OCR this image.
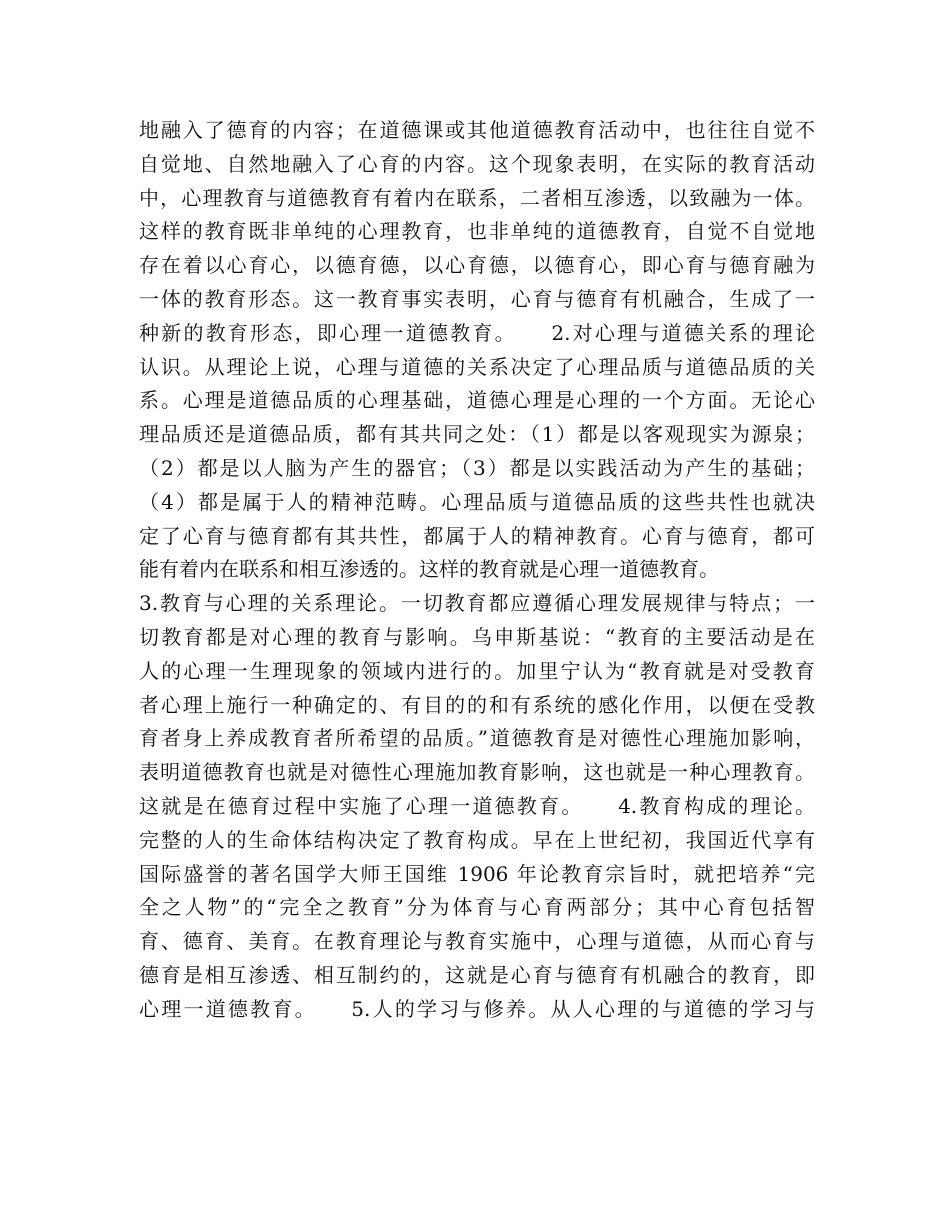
地融入了德育的内容；在道德课或其他道德教育活动中，也往往自觉不
自觉地、自然地融入了心育的内容。这个现象表明，在实际的教育活动
中，心理教育与道德教育有着内在联系，二者相互渗透，以致融为一体。
这样的教育既非单纯的心理教育，也非单纯的道德教育，自觉不自觉地
存在着以心育心，以德育德，以心育德，以德育心，即心育与德育融为
一体的教育形态。这一教育事实表明，心育与德育有机融合，生成了一
种新的教育形态，即心理一道德教育。　　2.对心理与道德关系的理论
认识。从理论上说，心理与道德的关系决定了心理品质与道德品质的关
系。心理是道德品质的心理基础，道德心理是心理的一个方面。无论心
理品质还是道德品质，都有其共同之处：（1）都是以客观现实为源泉；
（2）都是以人脑为产生的器官；（3）都是以实践活动为产生的基础；
（4）都是属于人的精神范畴。心理品质与道德品质的这些共性也就决
定了心育与德育都有其共性，都属于人的精神教育。心育与德育，都可
能有着内在联系和相互渗透的。这样的教育就是心理一道德教育。
3.教育与心理的关系理论。一切教育都应遵循心理发展规律与特点；一
切教育都是对心理的教育与影响。乌申斯基说：“教育的主要活动是在
人的心理一生理现象的领域内进行的。加里宁认为“教育就是对受教育
者心理上施行一种确定的、有目的的和有系统的感化作用，以便在受教
育者身上养成教育者所希望的品质。”道德教育是对德性心理施加影响，
表明道德教育也就是对德性心理施加教育影响，这也就是一种心理教育。
这就是在德育过程中实施了心理一道德教育。　　4.教育构成的理论。
完整的人的生命体结构决定了教育构成。早在上世纪初，我国近代享有
国际盛誉的著名国学大师王国维 1906 年论教育宗旨时，就把培养“完
全之人物”的“完全之教育”分为体育与心育两部分；其中心育包括智
育、德育、美育。在教育理论与教育实施中，心理与道德，从而心育与
德育是相互渗透、相互制约的，这就是心育与德育有机融合的教育，即
心理一道德教育。　　5.人的学习与修养。从人心理的与道德的学习与
